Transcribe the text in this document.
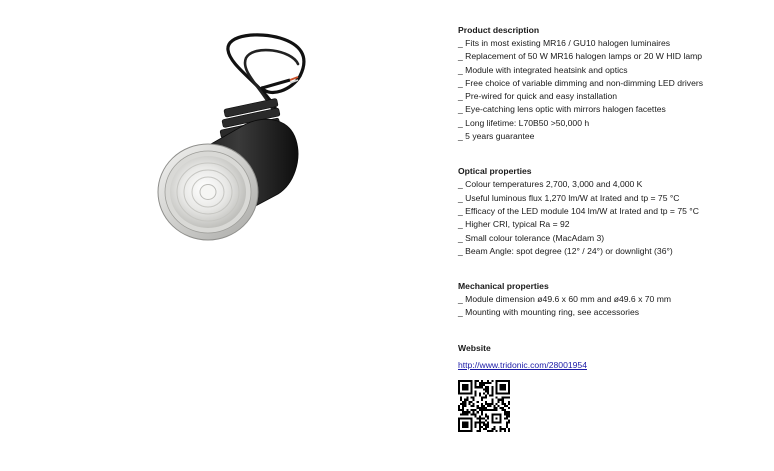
Product description
_ Fits in most existing MR16 / GU10 halogen luminaires
_ Replacement of 50 W MR16 halogen lamps or 20 W HID lamp
_ Module with integrated heatsink and optics
_ Free choice of variable dimming and non-dimming LED drivers
_ Pre-wired for quick and easy installation
_ Eye-catching lens optic with mirrors halogen facettes
_ Long lifetime: L70B50 >50,000 h
_ 5 years guarantee
Optical properties
_ Colour temperatures 2,700, 3,000 and 4,000 K
_ Useful luminous flux 1,270 lm/W at Irated and tp = 75 °C
_ Efficacy of the LED module 104 lm/W at Irated and tp = 75 °C
_ Higher CRI, typical Ra = 92
_ Small colour tolerance (MacAdam 3)
_ Beam Angle: spot degree (12° / 24°) or downlight (36°)
Mechanical properties
_ Module dimension ø49.6 x 60 mm and ø49.6 x 70 mm
_ Mounting with mounting ring, see accessories
Website
http://www.tridonic.com/28001954
